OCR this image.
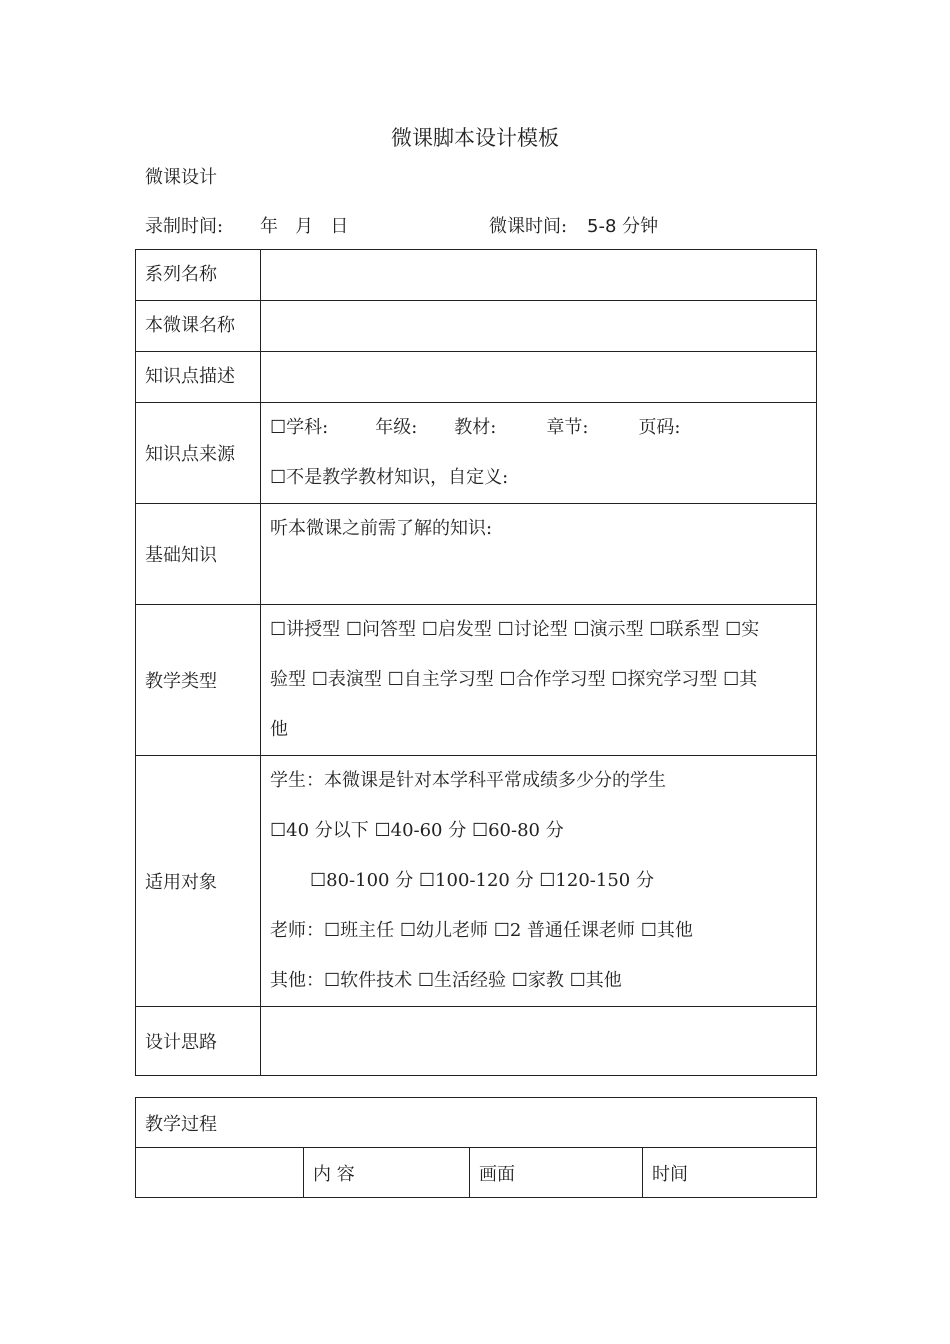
微课脚本设计模板
微课设计
录制时间: 年   月   日	微课时间: 5-8 分钟
系列名称	

本微课名称	

知识点描述	

知识点来源	☐学科: 年级: 教材: 章节: 页码:
☐不是教学教材知识，自定义:

基础知识	听本微课之前需了解的知识:

教学类型	☐讲授型 ☐问答型 ☐启发型 ☐讨论型 ☐演示型 ☐联系型 ☐实
验型 ☐表演型 ☐自主学习型 ☐合作学习型 ☐探究学习型 ☐其
他

适用对象	学生：本微课是针对本学科平常成绩多少分的学生
☐40 分以下 ☐40-60 分 ☐60-80 分
☐80-100 分 ☐100-120 分 ☐120-150 分
老师：☐班主任 ☐幼儿老师 ☐2 普通任课老师 ☐其他
其他：☐软件技术 ☐生活经验 ☐家教 ☐其他

设计思路	

教学过程
	内 容	画面	时间
